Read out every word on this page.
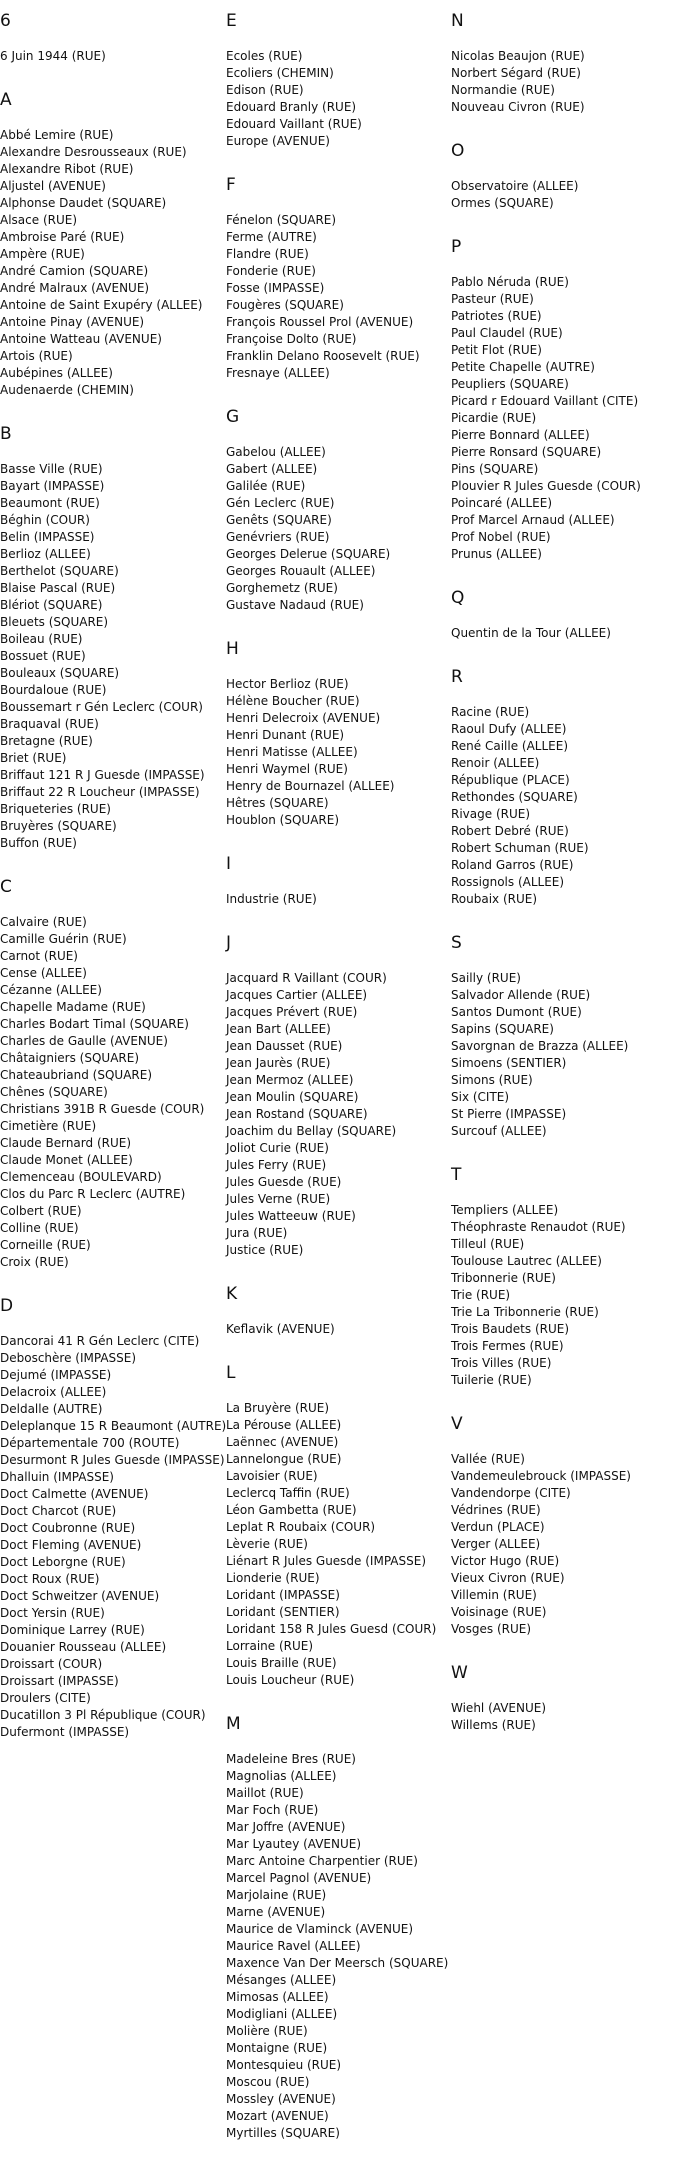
6
6 Juin 1944 (RUE)
A
Abbé Lemire (RUE)
Alexandre Desrousseaux (RUE)
Alexandre Ribot (RUE)
Aljustel (AVENUE)
Alphonse Daudet (SQUARE)
Alsace (RUE)
Ambroise Paré (RUE)
Ampère (RUE)
André Camion (SQUARE)
André Malraux (AVENUE)
Antoine de Saint Exupéry (ALLEE)
Antoine Pinay (AVENUE)
Antoine Watteau (AVENUE)
Artois (RUE)
Aubépines (ALLEE)
Audenaerde (CHEMIN)
B
Basse Ville (RUE)
Bayart (IMPASSE)
Beaumont (RUE)
Béghin (COUR)
Belin (IMPASSE)
Berlioz (ALLEE)
Berthelot (SQUARE)
Blaise Pascal (RUE)
Blériot (SQUARE)
Bleuets (SQUARE)
Boileau (RUE)
Bossuet (RUE)
Bouleaux (SQUARE)
Bourdaloue (RUE)
Boussemart r Gén Leclerc (COUR)
Braquaval (RUE)
Bretagne (RUE)
Briet (RUE)
Briffaut 121 R J Guesde (IMPASSE)
Briffaut 22 R Loucheur (IMPASSE)
Briqueteries (RUE)
Bruyères (SQUARE)
Buffon (RUE)
C
Calvaire (RUE)
Camille Guérin (RUE)
Carnot (RUE)
Cense (ALLEE)
Cézanne (ALLEE)
Chapelle Madame (RUE)
Charles Bodart Timal (SQUARE)
Charles de Gaulle (AVENUE)
Châtaigniers (SQUARE)
Chateaubriand (SQUARE)
Chênes (SQUARE)
Christians 391B R Guesde (COUR)
Cimetière (RUE)
Claude Bernard (RUE)
Claude Monet (ALLEE)
Clemenceau (BOULEVARD)
Clos du Parc R Leclerc (AUTRE)
Colbert (RUE)
Colline (RUE)
Corneille (RUE)
Croix (RUE)
D
Dancorai 41 R Gén Leclerc (CITE)
Deboschère (IMPASSE)
Dejumé (IMPASSE)
Delacroix (ALLEE)
Deldalle (AUTRE)
Deleplanque 15 R Beaumont (AUTRE)
Départementale 700 (ROUTE)
Desurmont R Jules Guesde (IMPASSE)
Dhalluin (IMPASSE)
Doct Calmette (AVENUE)
Doct Charcot (RUE)
Doct Coubronne (RUE)
Doct Fleming (AVENUE)
Doct Leborgne (RUE)
Doct Roux (RUE)
Doct Schweitzer (AVENUE)
Doct Yersin (RUE)
Dominique Larrey (RUE)
Douanier Rousseau (ALLEE)
Droissart (COUR)
Droissart (IMPASSE)
Droulers (CITE)
Ducatillon 3 Pl République (COUR)
Dufermont (IMPASSE)
E
Ecoles (RUE)
Ecoliers (CHEMIN)
Edison (RUE)
Edouard Branly (RUE)
Edouard Vaillant (RUE)
Europe (AVENUE)
F
Fénelon (SQUARE)
Ferme (AUTRE)
Flandre (RUE)
Fonderie (RUE)
Fosse (IMPASSE)
Fougères (SQUARE)
François Roussel Prol (AVENUE)
Françoise Dolto (RUE)
Franklin Delano Roosevelt (RUE)
Fresnaye (ALLEE)
G
Gabelou (ALLEE)
Gabert (ALLEE)
Galilée (RUE)
Gén Leclerc (RUE)
Genêts (SQUARE)
Genévriers (RUE)
Georges Delerue (SQUARE)
Georges Rouault (ALLEE)
Gorghemetz (RUE)
Gustave Nadaud (RUE)
H
Hector Berlioz (RUE)
Hélène Boucher (RUE)
Henri Delecroix (AVENUE)
Henri Dunant (RUE)
Henri Matisse (ALLEE)
Henri Waymel (RUE)
Henry de Bournazel (ALLEE)
Hêtres (SQUARE)
Houblon (SQUARE)
I
Industrie (RUE)
J
Jacquard R Vaillant (COUR)
Jacques Cartier (ALLEE)
Jacques Prévert (RUE)
Jean Bart (ALLEE)
Jean Dausset (RUE)
Jean Jaurès (RUE)
Jean Mermoz (ALLEE)
Jean Moulin (SQUARE)
Jean Rostand (SQUARE)
Joachim du Bellay (SQUARE)
Joliot Curie (RUE)
Jules Ferry (RUE)
Jules Guesde (RUE)
Jules Verne (RUE)
Jules Watteeuw (RUE)
Jura (RUE)
Justice (RUE)
K
Keflavik (AVENUE)
L
La Bruyère (RUE)
La Pérouse (ALLEE)
Laënnec (AVENUE)
Lannelongue (RUE)
Lavoisier (RUE)
Leclercq Taffin (RUE)
Léon Gambetta (RUE)
Leplat R Roubaix (COUR)
Lèverie (RUE)
Liénart R Jules Guesde (IMPASSE)
Lionderie (RUE)
Loridant (IMPASSE)
Loridant (SENTIER)
Loridant 158 R Jules Guesd (COUR)
Lorraine (RUE)
Louis Braille (RUE)
Louis Loucheur (RUE)
M
Madeleine Bres (RUE)
Magnolias (ALLEE)
Maillot (RUE)
Mar Foch (RUE)
Mar Joffre (AVENUE)
Mar Lyautey (AVENUE)
Marc Antoine Charpentier (RUE)
Marcel Pagnol (AVENUE)
Marjolaine (RUE)
Marne (AVENUE)
Maurice de Vlaminck (AVENUE)
Maurice Ravel (ALLEE)
Maxence Van Der Meersch (SQUARE)
Mésanges (ALLEE)
Mimosas (ALLEE)
Modigliani (ALLEE)
Molière (RUE)
Montaigne (RUE)
Montesquieu (RUE)
Moscou (RUE)
Mossley (AVENUE)
Mozart (AVENUE)
Myrtilles (SQUARE)
N
Nicolas Beaujon (RUE)
Norbert Ségard (RUE)
Normandie (RUE)
Nouveau Civron (RUE)
O
Observatoire (ALLEE)
Ormes (SQUARE)
P
Pablo Néruda (RUE)
Pasteur (RUE)
Patriotes (RUE)
Paul Claudel (RUE)
Petit Flot (RUE)
Petite Chapelle (AUTRE)
Peupliers (SQUARE)
Picard r Edouard Vaillant (CITE)
Picardie (RUE)
Pierre Bonnard (ALLEE)
Pierre Ronsard (SQUARE)
Pins (SQUARE)
Plouvier R Jules Guesde (COUR)
Poincaré (ALLEE)
Prof Marcel Arnaud (ALLEE)
Prof Nobel (RUE)
Prunus (ALLEE)
Q
Quentin de la Tour (ALLEE)
R
Racine (RUE)
Raoul Dufy (ALLEE)
René Caille (ALLEE)
Renoir (ALLEE)
République (PLACE)
Rethondes (SQUARE)
Rivage (RUE)
Robert Debré (RUE)
Robert Schuman (RUE)
Roland Garros (RUE)
Rossignols (ALLEE)
Roubaix (RUE)
S
Sailly (RUE)
Salvador Allende (RUE)
Santos Dumont (RUE)
Sapins (SQUARE)
Savorgnan de Brazza (ALLEE)
Simoens (SENTIER)
Simons (RUE)
Six (CITE)
St Pierre (IMPASSE)
Surcouf (ALLEE)
T
Templiers (ALLEE)
Théophraste Renaudot (RUE)
Tilleul (RUE)
Toulouse Lautrec (ALLEE)
Tribonnerie (RUE)
Trie (RUE)
Trie La Tribonnerie (RUE)
Trois Baudets (RUE)
Trois Fermes (RUE)
Trois Villes (RUE)
Tuilerie (RUE)
V
Vallée (RUE)
Vandemeulebrouck (IMPASSE)
Vandendorpe (CITE)
Védrines (RUE)
Verdun (PLACE)
Verger (ALLEE)
Victor Hugo (RUE)
Vieux Civron (RUE)
Villemin (RUE)
Voisinage (RUE)
Vosges (RUE)
W
Wiehl (AVENUE)
Willems (RUE)
